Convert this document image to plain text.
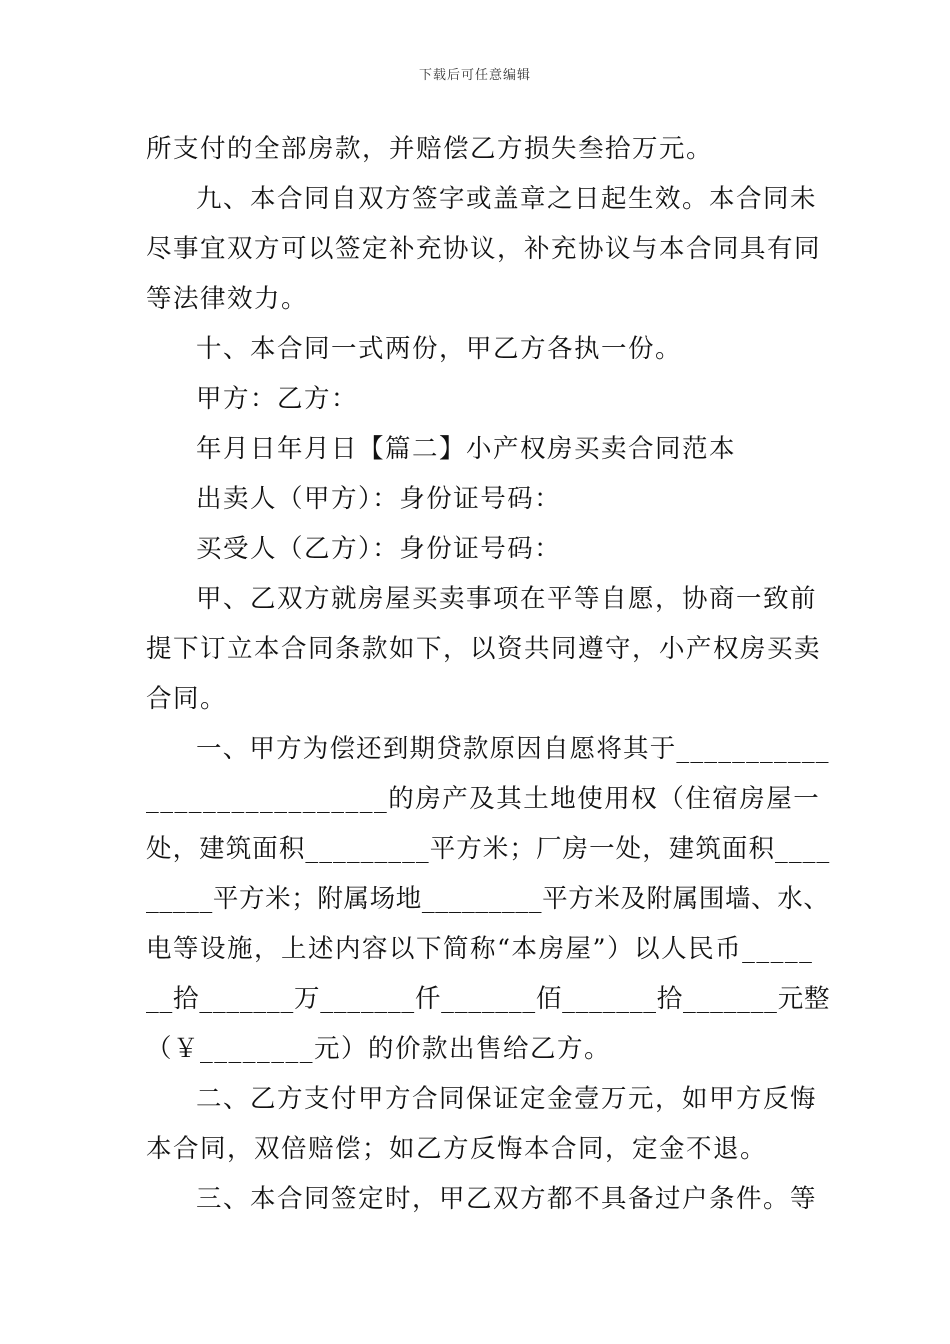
下载后可任意编辑
所支付的全部房款，并赔偿乙方损失叁拾万元。
九、本合同自双方签字或盖章之日起生效。本合同未
尽事宜双方可以签定补充协议，补充协议与本合同具有同
等法律效力。
十、本合同一式两份，甲乙方各执一份。
甲方：乙方：
年月日年月日【篇二】小产权房买卖合同范本
出卖人（甲方）：身份证号码：
买受人（乙方）：身份证号码：
甲、乙双方就房屋买卖事项在平等自愿，协商一致前
提下订立本合同条款如下，以资共同遵守，小产权房买卖
合同。
一、甲方为偿还到期贷款原因自愿将其于___________
_________________的房产及其土地使用权（住宿房屋一
处，建筑面积_________平方米；厂房一处，建筑面积____
_____平方米；附属场地_________平方米及附属围墙、水、
电等设施，上述内容以下简称“本房屋”）以人民币_____
__拾_______万_______仟_______佰_______拾_______元整
（￥________元）的价款出售给乙方。
二、乙方支付甲方合同保证定金壹万元，如甲方反悔
本合同，双倍赔偿；如乙方反悔本合同，定金不退。
三、本合同签定时，甲乙双方都不具备过户条件。等
